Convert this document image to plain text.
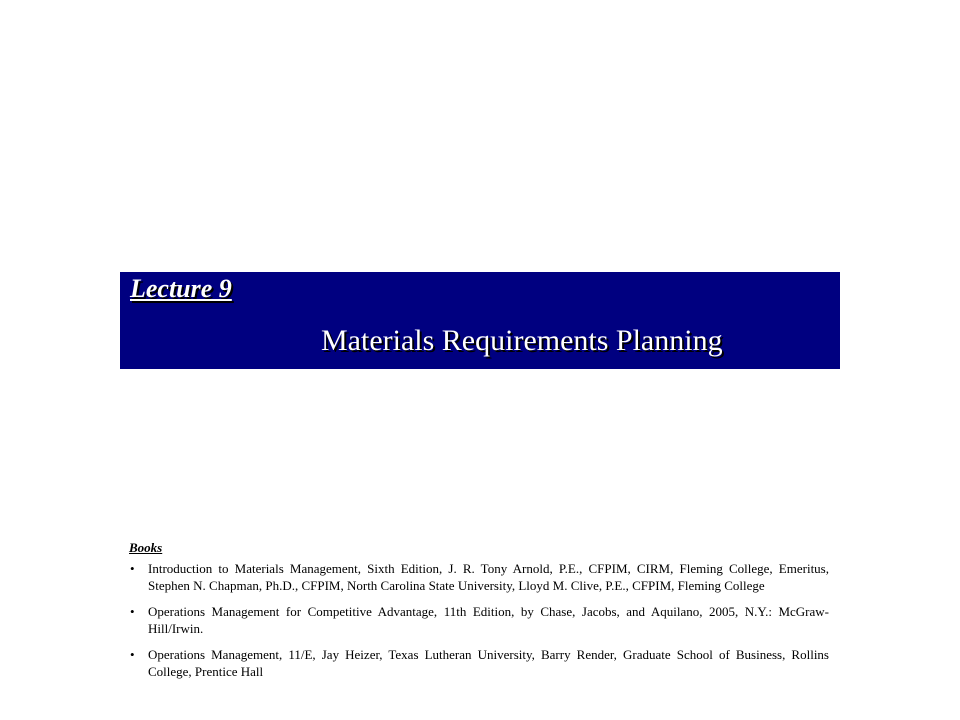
Lecture 9
Materials Requirements Planning
Books
• Introduction to Materials Management, Sixth Edition, J. R. Tony Arnold, P.E., CFPIM, CIRM, Fleming College, Emeritus, Stephen N. Chapman, Ph.D., CFPIM, North Carolina State University, Lloyd M. Clive, P.E., CFPIM, Fleming College
• Operations Management for Competitive Advantage, 11th Edition, by Chase, Jacobs, and Aquilano, 2005, N.Y.: McGraw-Hill/Irwin.
• Operations Management, 11/E, Jay Heizer, Texas Lutheran University, Barry Render, Graduate School of Business, Rollins College, Prentice Hall
